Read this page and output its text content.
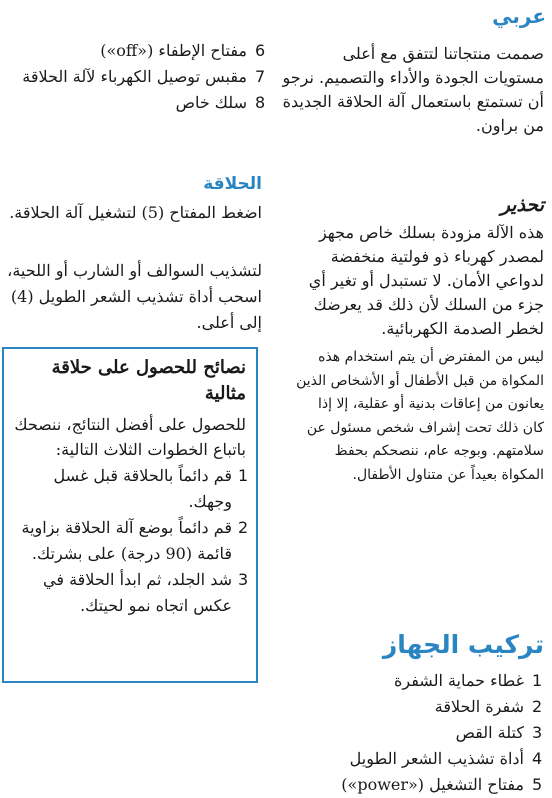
عربي
صممت منتجاتنا لتتفق مع أعلى مستويات الجودة والأداء والتصميم. نرجو أن تستمتع باستعمال آلة الحلاقة الجديدة من براون.
تحذير
هذه الآلة مزودة بسلك خاص مجهز لمصدر كهرباء ذو فولتية منخفضة لدواعي الأمان. لا تستبدل أو تغير أي جزء من السلك لأن ذلك قد يعرضك لخطر الصدمة الكهربائية.
ليس من المفترض أن يتم استخدام هذه المكواة من قبل الأطفال أو الأشخاص الذين يعانون من إعاقات بدنية أو عقلية، إلا إذا كان ذلك تحت إشراف شخص مسئول عن سلامتهم. وبوجه عام، ننصحكم بحفظ المكواة بعيداً عن متناول الأطفال.
تركيب الجهاز
1
غطاء حماية الشفرة
2
شفرة الحلاقة
3
كتلة القص
4
أداة تشذيب الشعر الطويل
5
مفتاح التشغيل («power»)
6
مفتاح الإطفاء («off»)
7
مقبس توصيل الكهرباء لآلة الحلاقة
8
سلك خاص
الحلاقة
اضغط المفتاح (5) لتشغيل آلة الحلاقة.
لتشذيب السوالف أو الشارب أو اللحية، اسحب أداة تشذيب الشعر الطويل (4) إلى أعلى.
نصائح للحصول على حلاقة مثالية
للحصول على أفضل النتائج، ننصحك باتباع الخطوات الثلاث التالية:
1
قم دائماً بالحلاقة قبل غسل وجهك.
2
قم دائماً بوضع آلة الحلاقة بزاوية قائمة (90 درجة) على بشرتك.
3
شد الجلد، ثم ابدأ الحلاقة في عكس اتجاه نمو لحيتك.
